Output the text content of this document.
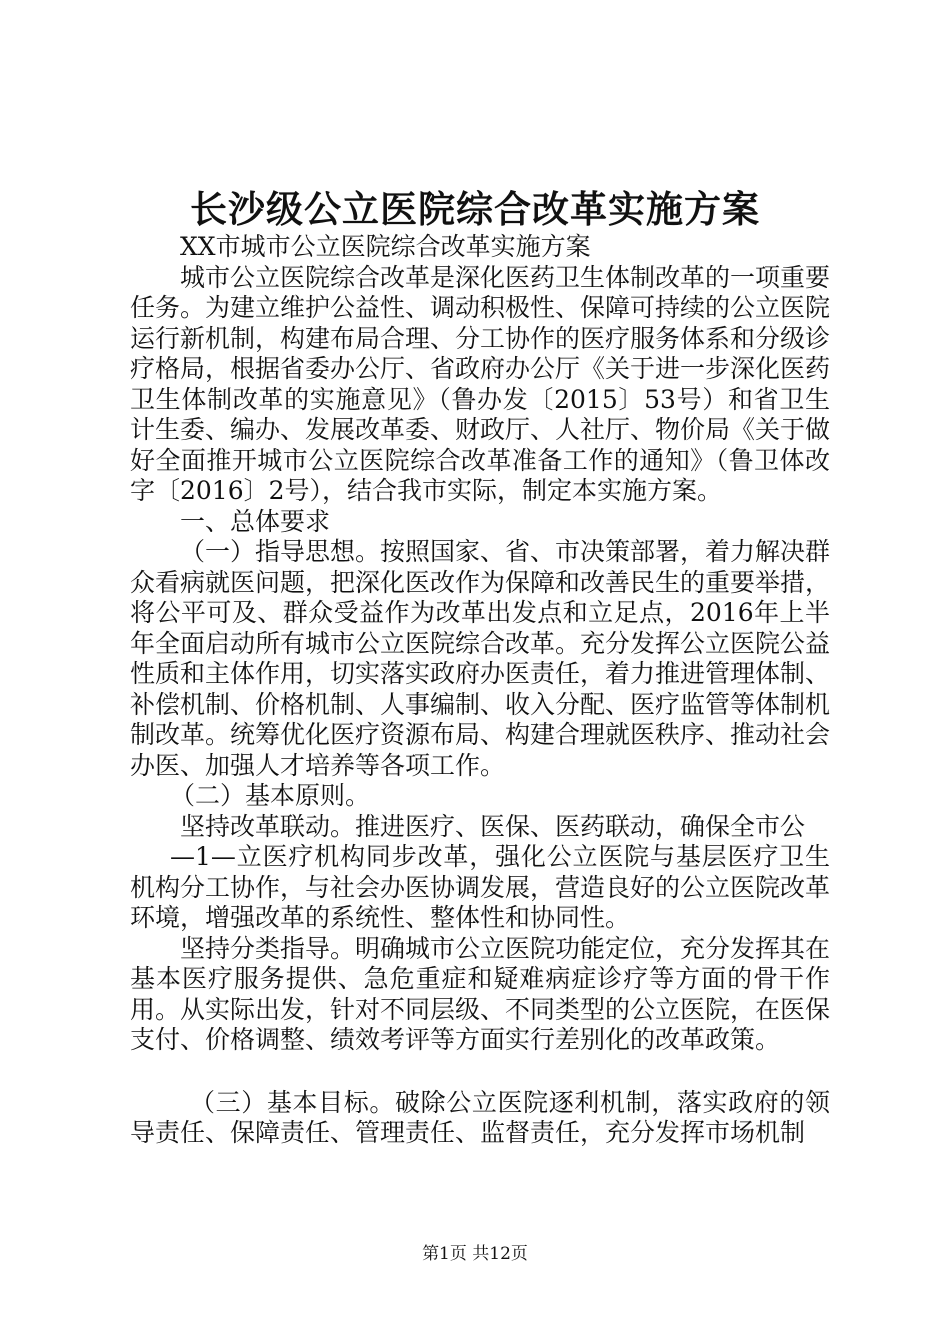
长沙级公立医院综合改革实施方案

XX市城市公立医院综合改革实施方案

城市公立医院综合改革是深化医药卫生体制改革的一项重要任务。为建立维护公益性、调动积极性、保障可持续的公立医院运行新机制，构建布局合理、分工协作的医疗服务体系和分级诊疗格局，根据省委办公厅、省政府办公厅《关于进一步深化医药卫生体制改革的实施意见》（鲁办发〔2015〕53号）和省卫生计生委、编办、发展改革委、财政厅、人社厅、物价局《关于做好全面推开城市公立医院综合改革准备工作的通知》（鲁卫体改字〔2016〕2号），结合我市实际，制定本实施方案。

一、总体要求

（一）指导思想。按照国家、省、市决策部署，着力解决群众看病就医问题，把深化医改作为保障和改善民生的重要举措，将公平可及、群众受益作为改革出发点和立足点，2016年上半年全面启动所有城市公立医院综合改革。充分发挥公立医院公益性质和主体作用，切实落实政府办医责任，着力推进管理体制、补偿机制、价格机制、人事编制、收入分配、医疗监管等体制机制改革。统筹优化医疗资源布局、构建合理就医秩序、推动社会办医、加强人才培养等各项工作。

（二）基本原则。

坚持改革联动。推进医疗、医保、医药联动，确保全市公

—1—立医疗机构同步改革，强化公立医院与基层医疗卫生机构分工协作，与社会办医协调发展，营造良好的公立医院改革环境，增强改革的系统性、整体性和协同性。

坚持分类指导。明确城市公立医院功能定位，充分发挥其在基本医疗服务提供、急危重症和疑难病症诊疗等方面的骨干作用。从实际出发，针对不同层级、不同类型的公立医院，在医保支付、价格调整、绩效考评等方面实行差别化的改革政策。

（三）基本目标。破除公立医院逐利机制，落实政府的领导责任、保障责任、管理责任、监督责任，充分发挥市场机制

第1页 共12页
